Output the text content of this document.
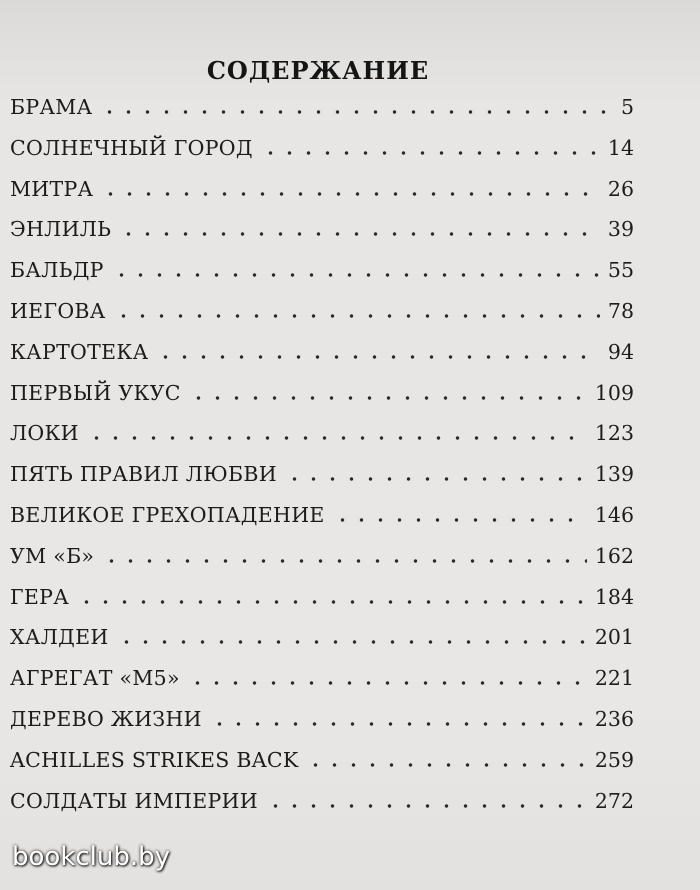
СОДЕРЖАНИЕ
БРАМА	5
СОЛНЕЧНЫЙ ГОРОД	14
МИТРА	26
ЭНЛИЛЬ	39
БАЛЬДР	55
ИЕГОВА	78
КАРТОТЕКА	94
ПЕРВЫЙ УКУС	109
ЛОКИ	123
ПЯТЬ ПРАВИЛ ЛЮБВИ	139
ВЕЛИКОЕ ГРЕХОПАДЕНИЕ	146
УМ «Б»	162
ГЕРА	184
ХАЛДЕИ	201
АГРЕГАТ «М5»	221
ДЕРЕВО ЖИЗНИ	236
ACHILLES STRIKES BACK	259
СОЛДАТЫ ИМПЕРИИ	272
bookclub.by
